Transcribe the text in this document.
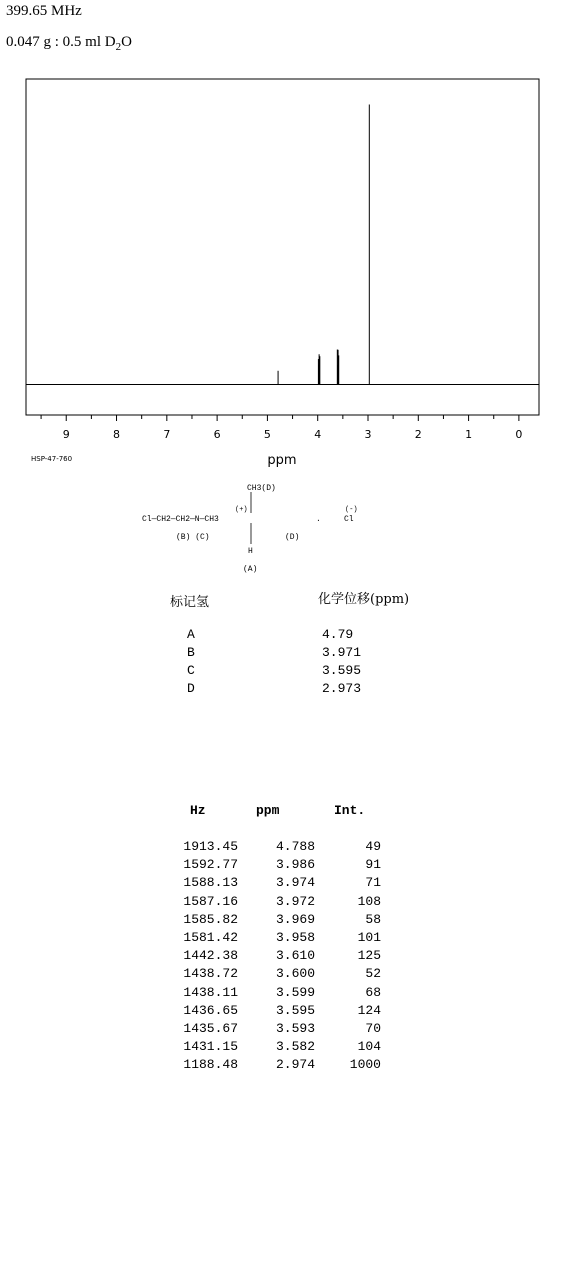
399.65 MHz
0.047 g : 0.5 ml $D_2O$
9	8	7	6	5	4	3	2	1	0
ppm
HSP-47-760
CH3(D)
(+)
Cl—CH2—CH2—N—CH3	.	Cl
(-)
(B) (C)	(D)
H
(A)
标记氢	化学位移(ppm)
A	4.79
B	3.971
C	3.595
D	2.973
Hz	ppm	Int.
1913.45	4.788	49
1592.77	3.986	91
1588.13	3.974	71
1587.16	3.972	108
1585.82	3.969	58
1581.42	3.958	101
1442.38	3.610	125
1438.72	3.600	52
1438.11	3.599	68
1436.65	3.595	124
1435.67	3.593	70
1431.15	3.582	104
1188.48	2.974	1000
